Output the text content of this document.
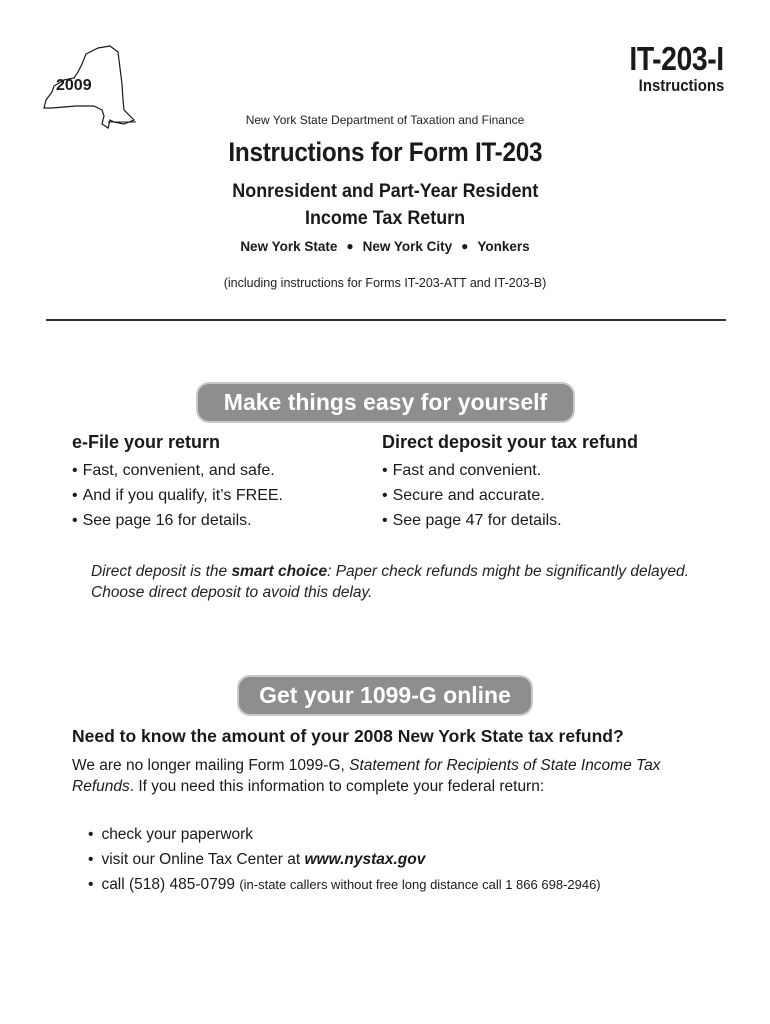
2009
IT-203-I
Instructions
New York State Department of Taxation and Finance
Instructions for Form IT-203
Nonresident and Part-Year Resident
Income Tax Return
New York State ● New York City ● Yonkers
(including instructions for Forms IT-203-ATT and IT-203-B)
Make things easy for yourself
e-File your return
• Fast, convenient, and safe.
• And if you qualify, it’s FREE.
• See page 16 for details.
Direct deposit your tax refund
• Fast and convenient.
• Secure and accurate.
• See page 47 for details.
Direct deposit is the smart choice: Paper check refunds might be significantly delayed. Choose direct deposit to avoid this delay.
Get your 1099-G online
Need to know the amount of your 2008 New York State tax refund?
We are no longer mailing Form 1099-G, Statement for Recipients of State Income Tax Refunds. If you need this information to complete your federal return:
• check your paperwork
• visit our Online Tax Center at www.nystax.gov
• call (518) 485-0799 (in-state callers without free long distance call 1 866 698-2946)
